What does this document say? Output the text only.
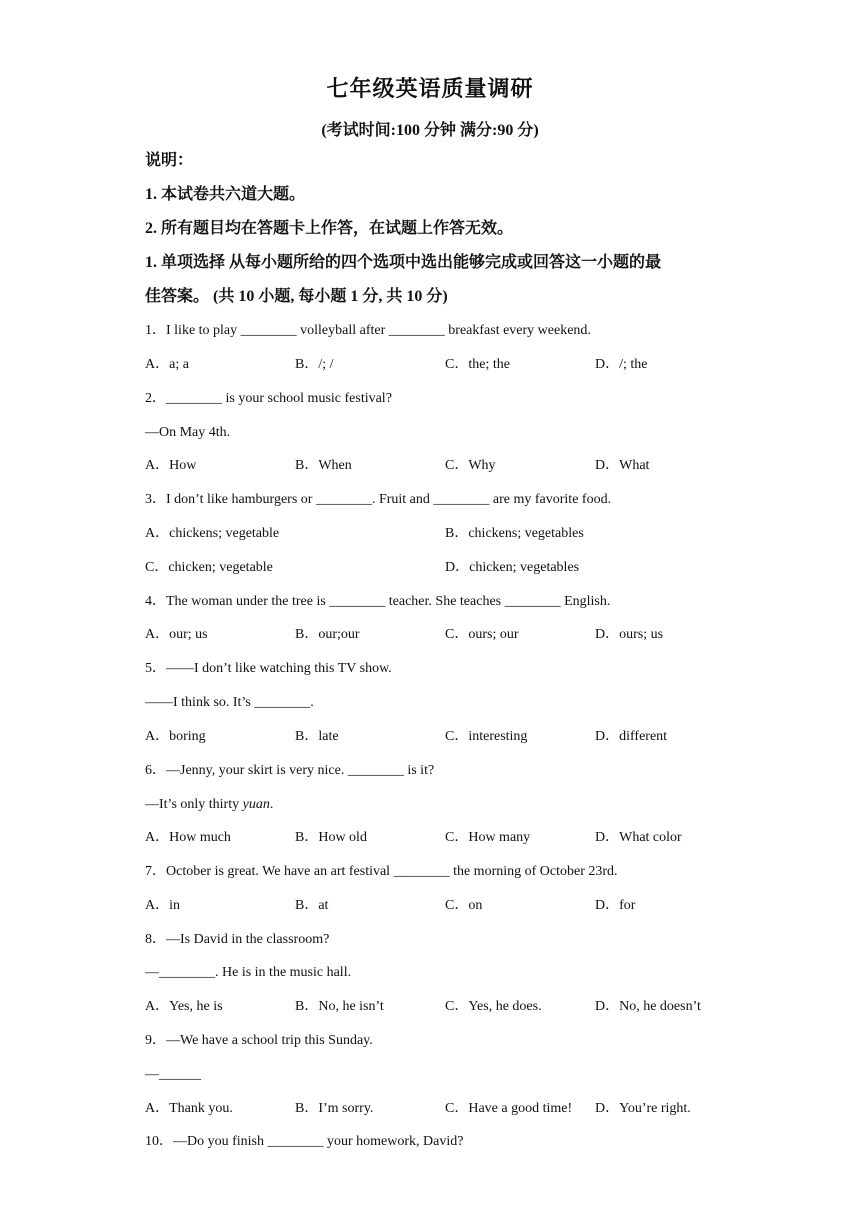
七年级英语质量调研
(考试时间:100 分钟 满分:90 分)
说明：
1. 本试卷共六道大题。
2. 所有题目均在答题卡上作答，在试题上作答无效。
1. 单项选择 从每小题所给的四个选项中选出能够完成或回答这一小题的最
佳答案。 (共 10 小题, 每小题 1 分, 共 10 分)
1．I like to play ________ volleyball after ________ breakfast every weekend.
A．a; a	B．/; /	C．the; the	D．/; the
2．________ is your school music festival?
—On May 4th.
A．How	B．When	C．Why	D．What
3．I don’t like hamburgers or ________. Fruit and ________ are my favorite food.
A．chickens; vegetable	B．chickens; vegetables
C．chicken; vegetable	D．chicken; vegetables
4．The woman under the tree is ________ teacher. She teaches ________ English.
A．our; us	B．our;our	C．ours; our	D．ours; us
5．——I don’t like watching this TV show.
——I think so. It’s ________.
A．boring	B．late	C．interesting	D．different
6．—Jenny, your skirt is very nice. ________ is it?
—It’s only thirty yuan.
A．How much	B．How old	C．How many	D．What color
7．October is great. We have an art festival ________ the morning of October 23rd.
A．in	B．at	C．on	D．for
8．—Is David in the classroom?
—________. He is in the music hall.
A．Yes, he is	B．No, he isn’t	C．Yes, he does.	D．No, he doesn’t
9．—We have a school trip this Sunday.
—______
A．Thank you.	B．I’m sorry.	C．Have a good time! D．You’re right.
10．—Do you finish ________ your homework, David?
